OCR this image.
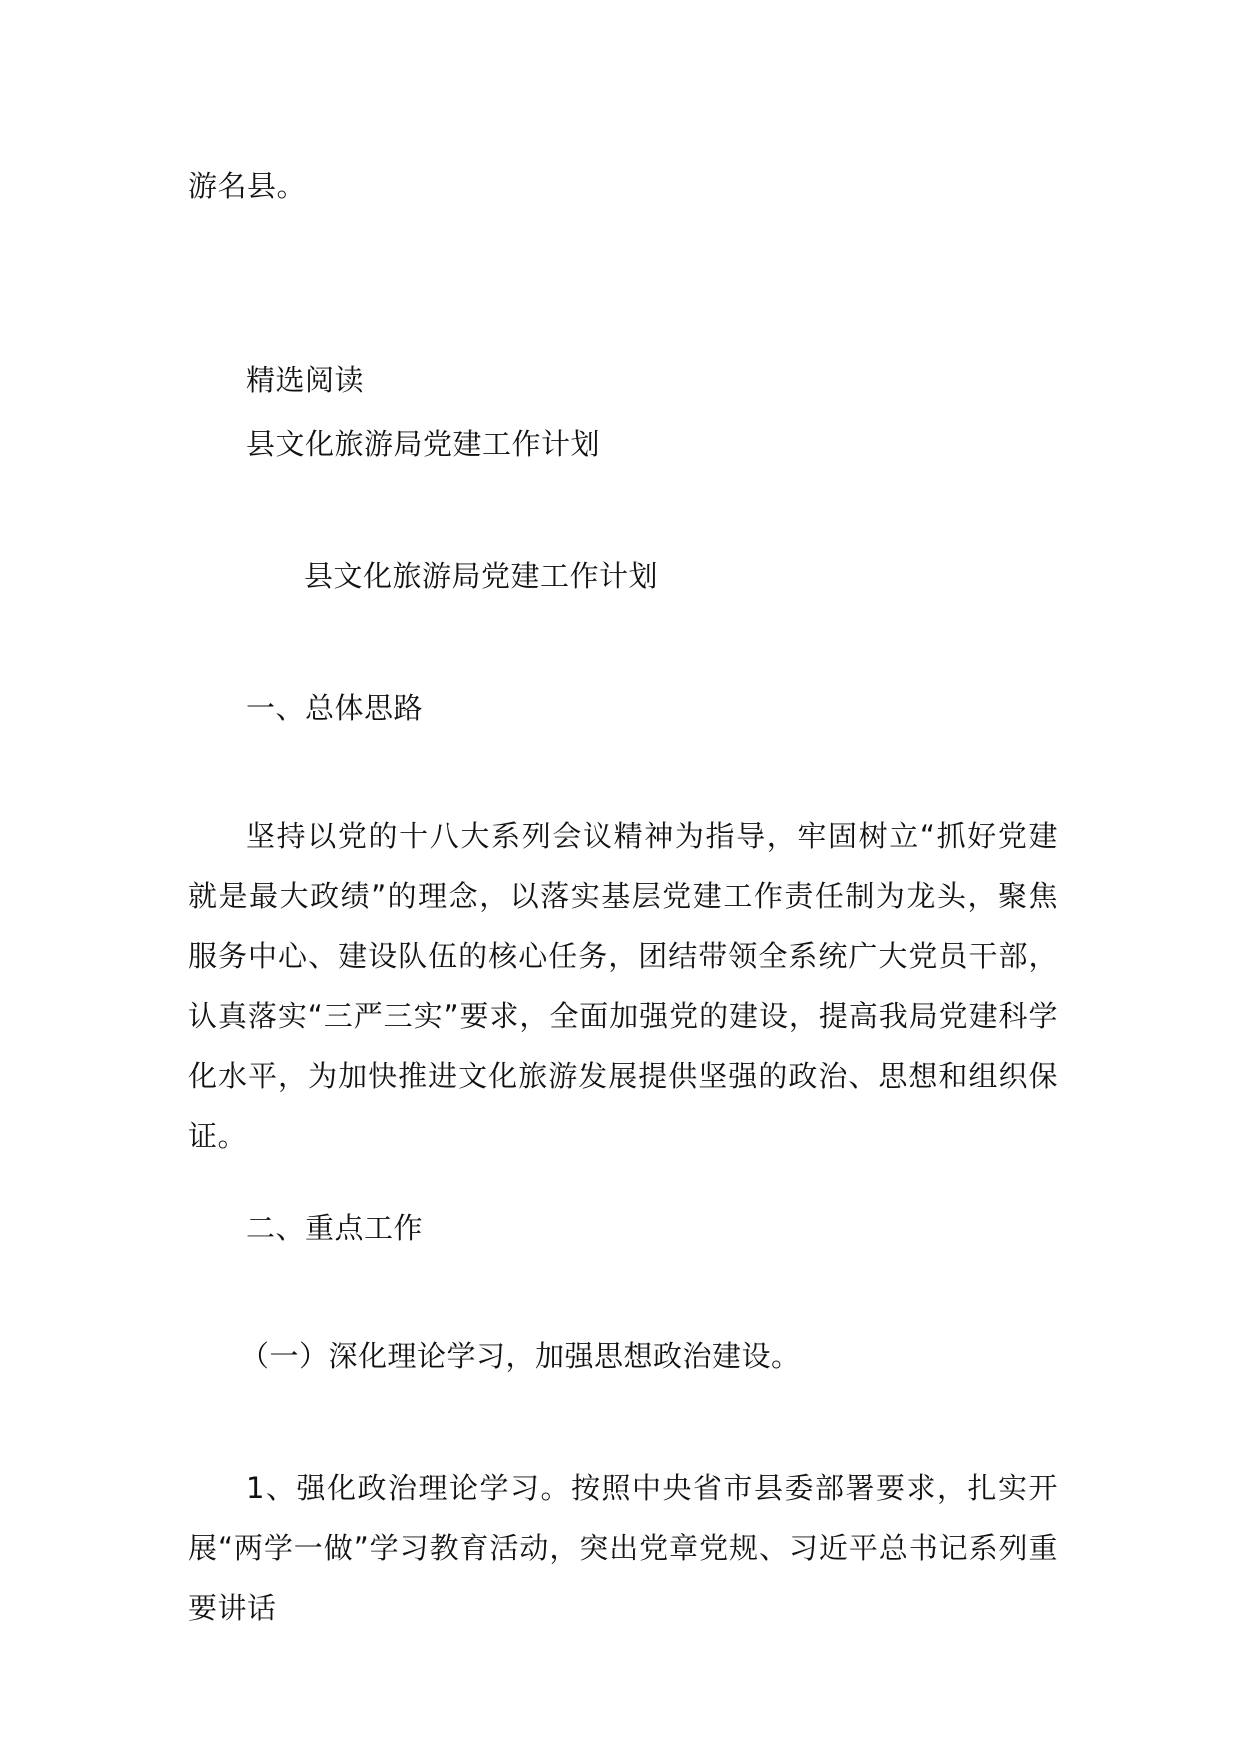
游名县。
精选阅读
县文化旅游局党建工作计划
县文化旅游局党建工作计划
一、总体思路
坚持以党的十八大系列会议精神为指导，牢固树立“抓好党建就是最大政绩”的理念，以落实基层党建工作责任制为龙头，聚焦服务中心、建设队伍的核心任务，团结带领全系统广大党员干部，认真落实“三严三实”要求，全面加强党的建设，提高我局党建科学化水平，为加快推进文化旅游发展提供坚强的政治、思想和组织保证。
二、重点工作
（一）深化理论学习，加强思想政治建设。
1、强化政治理论学习。按照中央省市县委部署要求，扎实开展“两学一做”学习教育活动，突出党章党规、习近平总书记系列重要讲话
